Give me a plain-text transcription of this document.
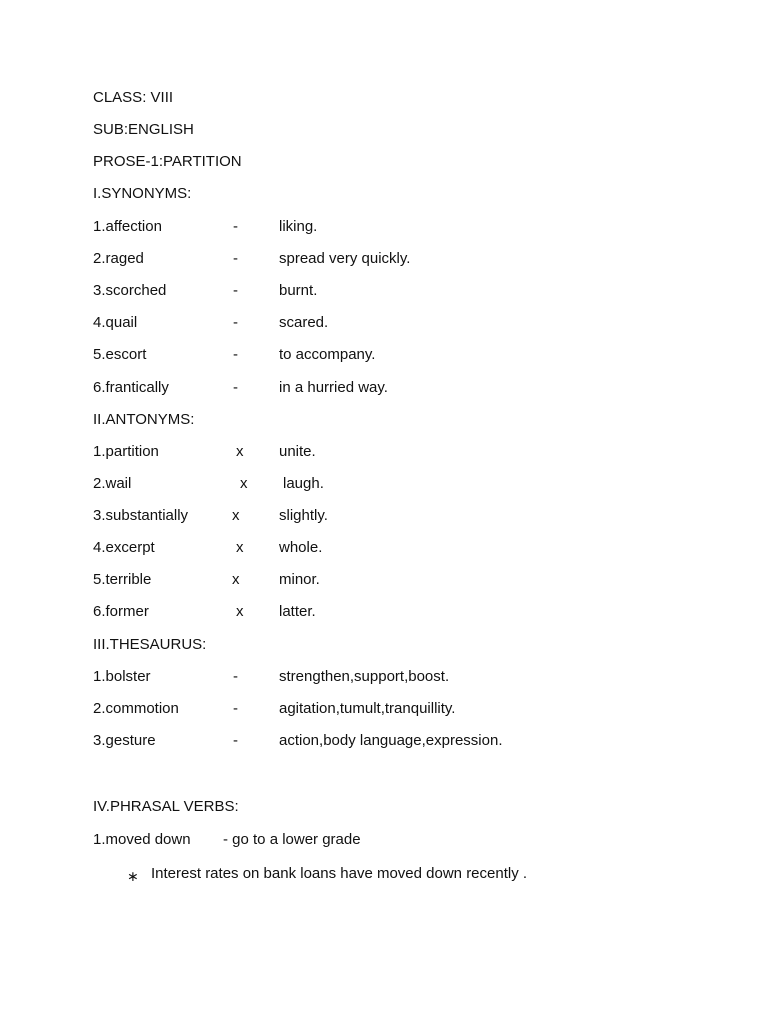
CLASS: VIII
SUB:ENGLISH
PROSE-1:PARTITION
I.SYNONYMS:
1.affection	-	liking.
2.raged	-	spread very quickly.
3.scorched	-	burnt.
4.quail	-	scared.
5.escort	-	to accompany.
6.frantically	-	in a hurried way.
II.ANTONYMS:
1.partition	x unite.
2.wail	x laugh.
3.substantially	x	slightly.
4.excerpt	x whole.
5.terrible	x	minor.
6.former	x latter.
III.THESAURUS:
1.bolster	-	strengthen,support,boost.
2.commotion	-	agitation,tumult,tranquillity.
3.gesture	-	action,body language,expression.
IV.PHRASAL VERBS:
1.moved down - go to a lower grade
∗ Interest rates on bank loans have moved down recently .
